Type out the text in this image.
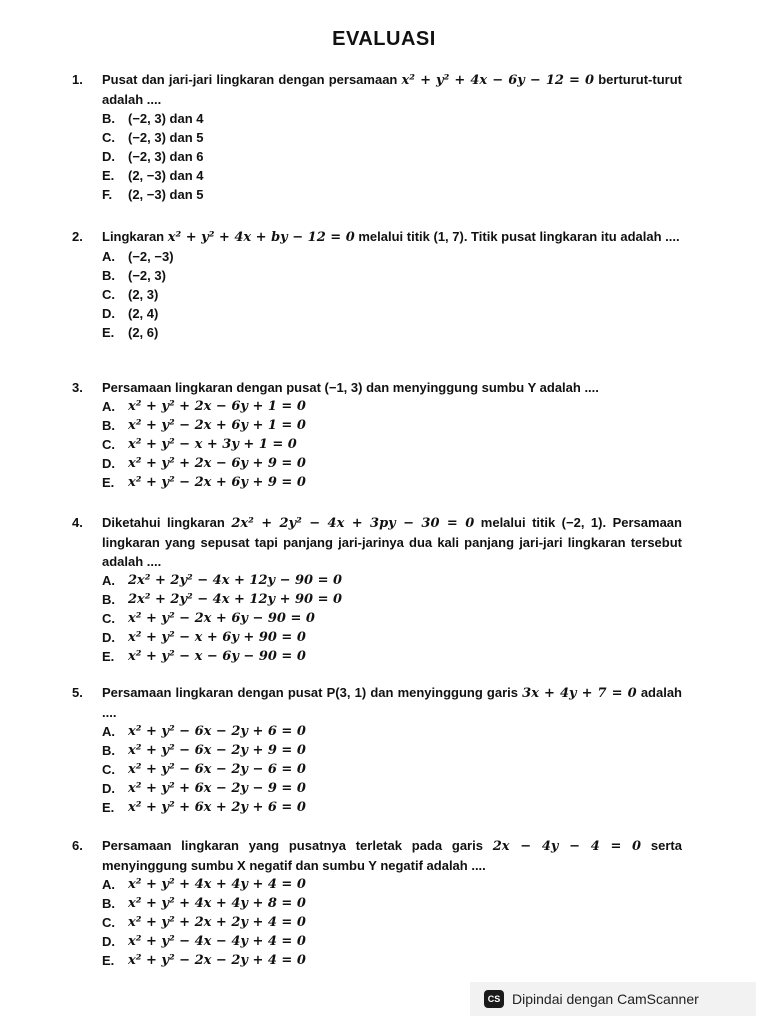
EVALUASI
1.	Pusat dan jari-jari lingkaran dengan persamaan x² + y² + 4x − 6y − 12 = 0 berturut-turut adalah ....
B.	(−2, 3) dan 4
C.	(−2, 3) dan 5
D.	(−2, 3) dan 6
E.	(2, −3) dan 4
F.	(2, −3) dan 5
2.	Lingkaran x² + y² + 4x + by − 12 = 0 melalui titik (1, 7). Titik pusat lingkaran itu adalah ....
A.	(−2, −3)
B.	(−2, 3)
C.	(2, 3)
D.	(2, 4)
E.	(2, 6)
3.	Persamaan lingkaran dengan pusat (−1, 3) dan menyinggung sumbu Y adalah ....
A.	x² + y² + 2x − 6y + 1 = 0
B.	x² + y² − 2x + 6y + 1 = 0
C.	x² + y² − x + 3y + 1 = 0
D.	x² + y² + 2x − 6y + 9 = 0
E.	x² + y² − 2x + 6y + 9 = 0
4.	Diketahui lingkaran 2x² + 2y² − 4x + 3py − 30 = 0 melalui titik (−2, 1). Persamaan lingkaran yang sepusat tapi panjang jari-jarinya dua kali panjang jari-jari lingkaran tersebut adalah ....
A.	2x² + 2y² − 4x + 12y − 90 = 0
B.	2x² + 2y² − 4x + 12y + 90 = 0
C.	x² + y² − 2x + 6y − 90 = 0
D.	x² + y² − x + 6y + 90 = 0
E.	x² + y² − x − 6y − 90 = 0
5.	Persamaan lingkaran dengan pusat P(3, 1) dan menyinggung garis 3x + 4y + 7 = 0 adalah ....
A.	x² + y² − 6x − 2y + 6 = 0
B.	x² + y² − 6x − 2y + 9 = 0
C.	x² + y² − 6x − 2y − 6 = 0
D.	x² + y² + 6x − 2y − 9 = 0
E.	x² + y² + 6x + 2y + 6 = 0
6.	Persamaan lingkaran yang pusatnya terletak pada garis 2x − 4y − 4 = 0 serta menyinggung sumbu X negatif dan sumbu Y negatif adalah ....
A.	x² + y² + 4x + 4y + 4 = 0
B.	x² + y² + 4x + 4y + 8 = 0
C.	x² + y² + 2x + 2y + 4 = 0
D.	x² + y² − 4x − 4y + 4 = 0
E.	x² + y² − 2x − 2y + 4 = 0
CS Dipindai dengan CamScanner
